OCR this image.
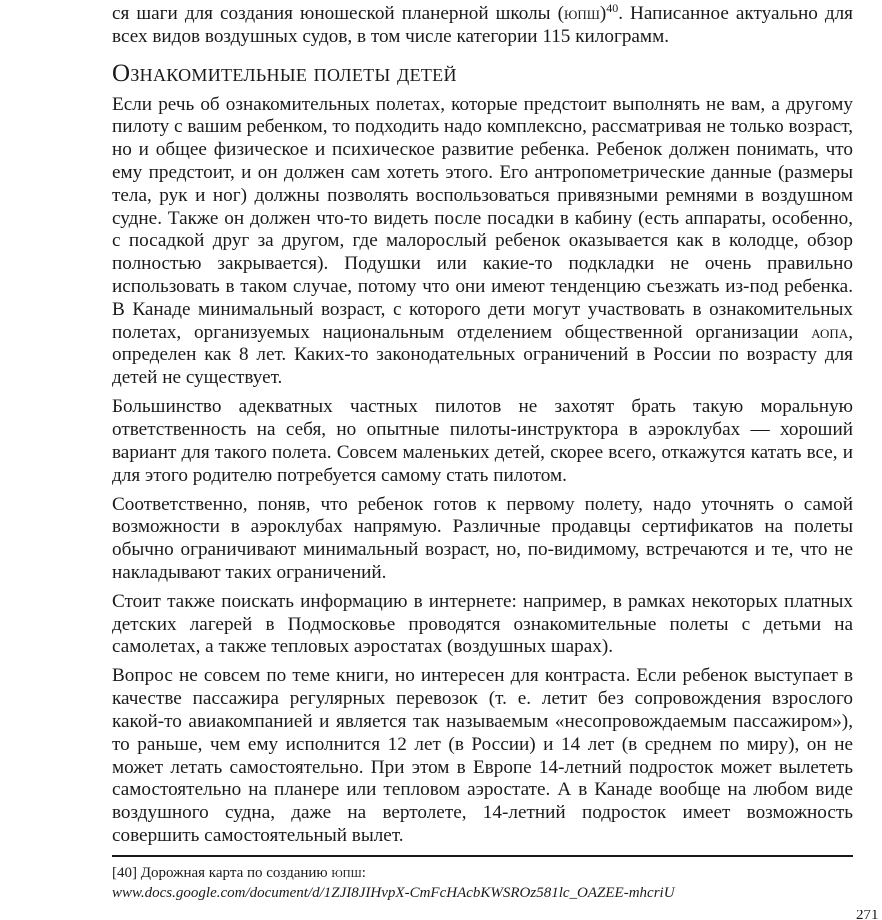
ся шаги для создания юношеской планерной школы (юпш)$^{40}$. Написанное актуально для всех видов воздушных судов, в том числе категории 115 килограмм.

Ознакомительные полеты детей

Если речь об ознакомительных полетах, которые предстоит выполнять не вам, а другому пилоту с вашим ребенком, то подходить надо комплексно, рассматривая не только возраст, но и общее физическое и психическое развитие ребенка. Ребенок должен понимать, что ему предстоит, и он должен сам хотеть этого. Его антропометрические данные (размеры тела, рук и ног) должны позволять воспользоваться привязными ремнями в воздушном судне. Также он должен что-то видеть после посадки в кабину (есть аппараты, особенно, с посадкой друг за другом, где малорослый ребенок оказывается как в колодце, обзор полностью закрывается). Подушки или какие-то подкладки не очень правильно использовать в таком случае, потому что они имеют тенденцию съезжать из-под ребенка. В Канаде минимальный возраст, с которого дети могут участвовать в ознакомительных полетах, организуемых национальным отделением общественной организации аопа, определен как 8 лет. Каких-то законодательных ограничений в России по возрасту для детей не существует.

Большинство адекватных частных пилотов не захотят брать такую моральную ответственность на себя, но опытные пилоты-инструктора в аэроклубах — хороший вариант для такого полета. Совсем маленьких детей, скорее всего, откажутся катать все, и для этого родителю потребуется самому стать пилотом.

Соответственно, поняв, что ребенок готов к первому полету, надо уточнять о самой возможности в аэроклубах напрямую. Различные продавцы сертификатов на полеты обычно ограничивают минимальный возраст, но, по-видимому, встречаются и те, что не накладывают таких ограничений.

Стоит также поискать информацию в интернете: например, в рамках некоторых платных детских лагерей в Подмосковье проводятся ознакомительные полеты с детьми на самолетах, а также тепловых аэростатах (воздушных шарах).

Вопрос не совсем по теме книги, но интересен для контраста. Если ребенок выступает в качестве пассажира регулярных перевозок (т. е. летит без сопровождения взрослого какой-то авиакомпанией и является так называемым «несопровождаемым пассажиром»), то раньше, чем ему исполнится 12 лет (в России) и 14 лет (в среднем по миру), он не может летать самостоятельно. При этом в Европе 14-летний подросток может вылететь самостоятельно на планере или тепловом аэростате. А в Канаде вообще на любом виде воздушного судна, даже на вертолете, 14-летний подросток имеет возможность совершить самостоятельный вылет.

[40] Дорожная карта по созданию юпш:
www.docs.google.com/document/d/1ZJI8JIHvpX-CmFcHAcbKWSROz581lc_OAZEE-mhcriU
271
